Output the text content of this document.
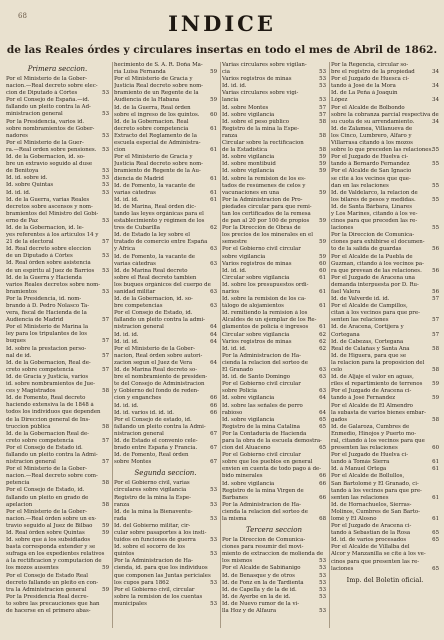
68	INDICE
de las Reales órdes y circulares insertas en todo el mes de Abril de 1862.
Primera seccion.
Por el Ministerio de la Gober-
nacion.—Real decreto sobre elec-
cion de Diputado á Córtes	53
Por el Consejo de España.—id.
fallando un pleito contra la Ad-
ministracion general	53
Por la Presidencia, varios id.
sobre nombramientos de Gober-
nadores	53
Por el Ministerio de la Guer-
ra.—Real orden sobre pensiones. 53
Id. de la Gobernacion, id. so-
bre un extravío seguido al duse
de Benitoya	53
Id. id. sobre id.	53
Id. sobre Quintas	53
Id. id. id.	53
Id. de la Guerra, varias Reales
decretos sobre ascensos y nom-
bramientos del Ministro del Gobi-
erno de Paz	53
Id. de la Gobernacion, id. le-
yes referentes á los artículos 14 y
21 de la electoral	57
Id. Real decreto sobre eleccion
de un Diputado á Córtes	53
Id. Real órden sobre asistencia
de un espíritu al Juez de Barrios 53
Id. de la Guerra y Hacienda
varios Reales decretos sobre nom-
bramientos	53
Por la Presidencia, id. nom-
brando á D. Pedro Nolasco Ta-
vera, fiscal de Hacienda de la
Audiencia de Madrid	57
Por el Ministerio de Marina la
ley para los tripulantes de los
buques	57
Id. sobre la prestacion perso-
nal de id.	57
Id. de la Gobernacion, Real de-
creto sobre competencia	57
Id. de Gracia y Justicia, varios
id. sobre nombramientos de Jue-
ces y Magistrados	58
Id. de Fomento, Real decreto
haciendo extensiva la de 1848 á
todos los individuos que dependen
de la Direccion general de Ins-
truccion pública	58
Id. de la Gobernacion Real de-
creto sobre competencia	57
Por el Consejo de Estado id.
fallando un pleito contra la Admi-
nistracion general	57
Por el Ministerio de la Gober-
nacion.—Real decreto sobre com-
petencia	58
Por el Consejo de Estado, id.
fallando un pleito en grado de
apelacion	58
Por el Ministerio de la Gober-
nacion.—Real órden sobre un ex-
travío seguido al Juez de Bilbao 59
Id. Real órden sobre Quintas	59
Id. sobre que á los subsidiados
basta corresponda extender y se
sufraga en los expedientes relativos
á la rectificacion y computacion de
los mozos ausentes	59
Por el Consejo de Estado Real
decreto fallando un pleito en con-
tra la Administracion general	59
Por la Presidencia Real decre-
to sobre las precauciones que han
de hacerse en el primero abas-
hecimiento de S. A. R. Doña Ma-
ría Luisa Fernanda	59
Por el Ministerio de Gracia y
Justicia Real decreto sobre nom-
bramiento de un Regente de la
Audiencia de la Habana	59
Id. de la Guerra, Real órden
sobre el ingreso de los quintos. 60
Id. de la Gobernacion. Real
decreto sobre competencia	61
Extracto del Reglamento de la
escuela especial de Administra-
cion	61
Por el Ministerio de Gracia y
Justicia Real decreto sobre nom-
bramiento de Regente de la Au-
diencia de Madrid	61
Id. de Fomento, la vacante de
varias cátedras	61
Id. id. id.	61
Id. de Marina, Real órden dic-
tando las leyes orgánicas para el
establecimiento y régimen de los
tres de Cubarilla	62
Id. de Estado la ley sobre el
tratado de comercio entre España
y Africa	63
Id. de Fomento, la vacante de
varias cátedras	63
Id. de Marina Real decreto
sobre el Real decreto tambien
los buques orgánicos del cuerpo de
sanidad militar	63
Id. de la Gobernacion, id. so-
bre competencias	63
Por el Consejo de Estado, id.
fallando un pleito contra la admi-
nistracion general	64
Id. id. id.	64
Id. id. id.	64
Por el Ministerio de la Gober-
nacion, Real órden sobre autori-
zacion segun el Juez de Vera	64
Id. de Marina Real decreto so-
bre el nombramiento de presiden-
te del Consejo de Administracion
y Gobierno del fondo de reden-
cion y enganches	66
Id. id. id.	66
Id. id. varios id. id. id.	66
Por el Consejo de estado, id.
fallando un pleito contra la Admi-
nistracion general	67
Id. de Estado el convenio cele-
brado entre España y Francia. 67
Id. de Fomento, Real órden
sobre Montes	67
Segunda seccion.
Por el Gobierno civil, varias
circulares sobre vigilancia	53
Registro de la mina la Espe-
ranza	53
Id. de la mina la Bienaventu-
rada	53
Id. del Gobierno militar, cir-
cular sobre pasaportes á los insti-
tuidos en funciones de guerra	53
Id. sobre el socorro de los
quintos	53
Por la Administracion de Ha-
cienda, id. para que los individuos
que componen las Juntas periciales
los cupos para 1862	53
Por el Gobierno civil, circular
sobre la remision de los cuentas
municipales	53
Varias circulares sobre vigilan-
cia	53
Varios registros de minas	53
Id. id. id.	53
Varias circulares sobre vigi-
lancia	53
Id. sobre Montes	57
Id. sobre vigilancia	57
Id. sobre el peso público	58
Registro de la mina la Espe-
ranza	58
Circular sobre la rectificacion
de la Estadística	58
Id. sobre vigilancia	59
Id. sobre montibuid	59
Id. sobre vigilancia	59
Id. sobre la remision de los es-
tados de resúmenes de celos y
vacunaciones en una	59
Por la Administracion de Pro-
piedades circular para que remi-
tan los certificados de la remesa
de pan al 20 por 100 de propios 59
Por la Dirección de Obras de
los precios de los minerales en el
semestre	59
Por el Gobierno civil circular
sobre vigilancia	59
Varios registros de minas	60
Id. id. id.	60
Circular sobre vigilancia	61
Id. sobre los presupuestos ordi-
narios	61
Id. sobre la remision de los ca-
tálogo de alojamientos	61
Id. remitiendo la remision á los
Alcaldes de un ejemplar de los Re-
glamentos de policia é ingresos 61
Circular sobre vigilancia	62
Varios registros de minas	62
Id. id. id.	62
Por la Administracion de Ha-
cienda la relacion del sorteo de
El Granado	63
Id. id. de Santo Domingo	63
Por el Gobierno civil circular
sobre Policia	63
Id. sobre vigilancia	64
Id. sobre las señales de perro
rabioso	64
Id. sobre vigilancia	65
Registro de la mina Catalina	65
Por la Contaduria de Hacienda
para la obra de la escuela demostra-
cion del Aluaceno	65
Por el Gobierno civil circular
sobre que los pueblos en general
envien en cuenta de todo pago á de-
bido minerales	66
Id. sobre vigilancia	66
Registro de la mina Virgen de
Barbanes	66
Por la Administracion de Ha-
cienda la relacion del sorteo de
la misma	68
Tercera seccion
Por la Direccion de Comunica-
ciones para resumir del movi-
miento de extraccion de molienda de
los mismos	53
Por el Alcalde de Sabiñanigo	53
Id. de Benasque y de otros	53
Id. de Fonz en la de Tardienta	53
Id. de Capella y de la de id.	53
Id. de Ayerbe en la de id.	53
Id. de Nuevo rumor de la vi-
lla Hoz y de Alfaura	53
Por la Regencia, circular so-
bre el registro de la propiedad	34
Por el Juzgado de Huesca ci-
tando á José de la Mora	34
Id. de La Peña á Joaquin
López	34
Por el Alcalde de Bolbondo
sobre la cobranza parcial respectiva de
su cuota de su arrendamiento.	34
Id. de Zalamea, Villanueva de
los Cinco, Lumbrero, Alfaro y
Villarrasa citando á los mozos
sobre lo que preceden las relaciones. 55
Por el Juzgado de Huelva ci-
tando á Bernardo Fernandez	55
Por el Alcalde de San Ignacio
se cite á los vecinos que que-
dan en las relaciones	55
Id. de Valdelarco, la relacion de
los bilares de pesos y medidas.	55
Id. de Santa Bárbara, Linares
y Los Marines, citando á los ve-
cinos para que preceden las re-
laciones	55
Por la Direccion de Comunica-
ciones para exhibirse el documen-
to de la salida de guardas	56
Por el Alcalde de la Puebla de
Guzman, citando á los vecinos pa-
ra que prevean de las relaciones. 56
Por el Juzgado de Aracena una
demanda interpuesta por D. Ru-
fael Valera	56
Id. de Valverde id. id.	57
Por el Alcalde de Campillos,
citan á los vecinos para que pre-
senten las relaciones	57
Id. de Aracena, Cortijera y
Cortegana	57
Id. de Cabezas, Cortegana
Real de Calañas y Santa Ana	58
Id. de Higuera, para que se
la relacion para la proposicion del
celo	58
Id. de Aljaje el valor en aguas,
riles el repartimiento de terrenos 59
Por el Juzgado de Aracena ci-
tando á José Fernandez	59
Por el Alcalde de El Almendro
la subasta de varios bienes embar-
gados	58
Id. de Galaroza, Cumbres de
Enmedio, Hinojos y Puerto mo-
ral, citando á los vecinos para que
presenten las relaciones	60
Por el Juzgado de Huelva ci-
tando á Tomás Sierra	61
Id. á Manuel Ortega	61
Por el Alcalde de Bollullos,
San Bartolomé y El Granado, ci-
tando á los vecinos para que pre-
senten las relaciones	61
Id. de Hornachuelos, Sierras-
Molinos, Cumbres de San Barto-
lomé y El Alosno	61
Por el Juzgado de Aracena ci-
tando á Sebastian de la Rosa	65
Id. id. de varios procesados	65
Por el Alcalde de Villalba del
Alcor y Manzanilla se cite á los ve-
cinos para que presenten las re-
laciones	65
Imp. del Boletin oficial.
